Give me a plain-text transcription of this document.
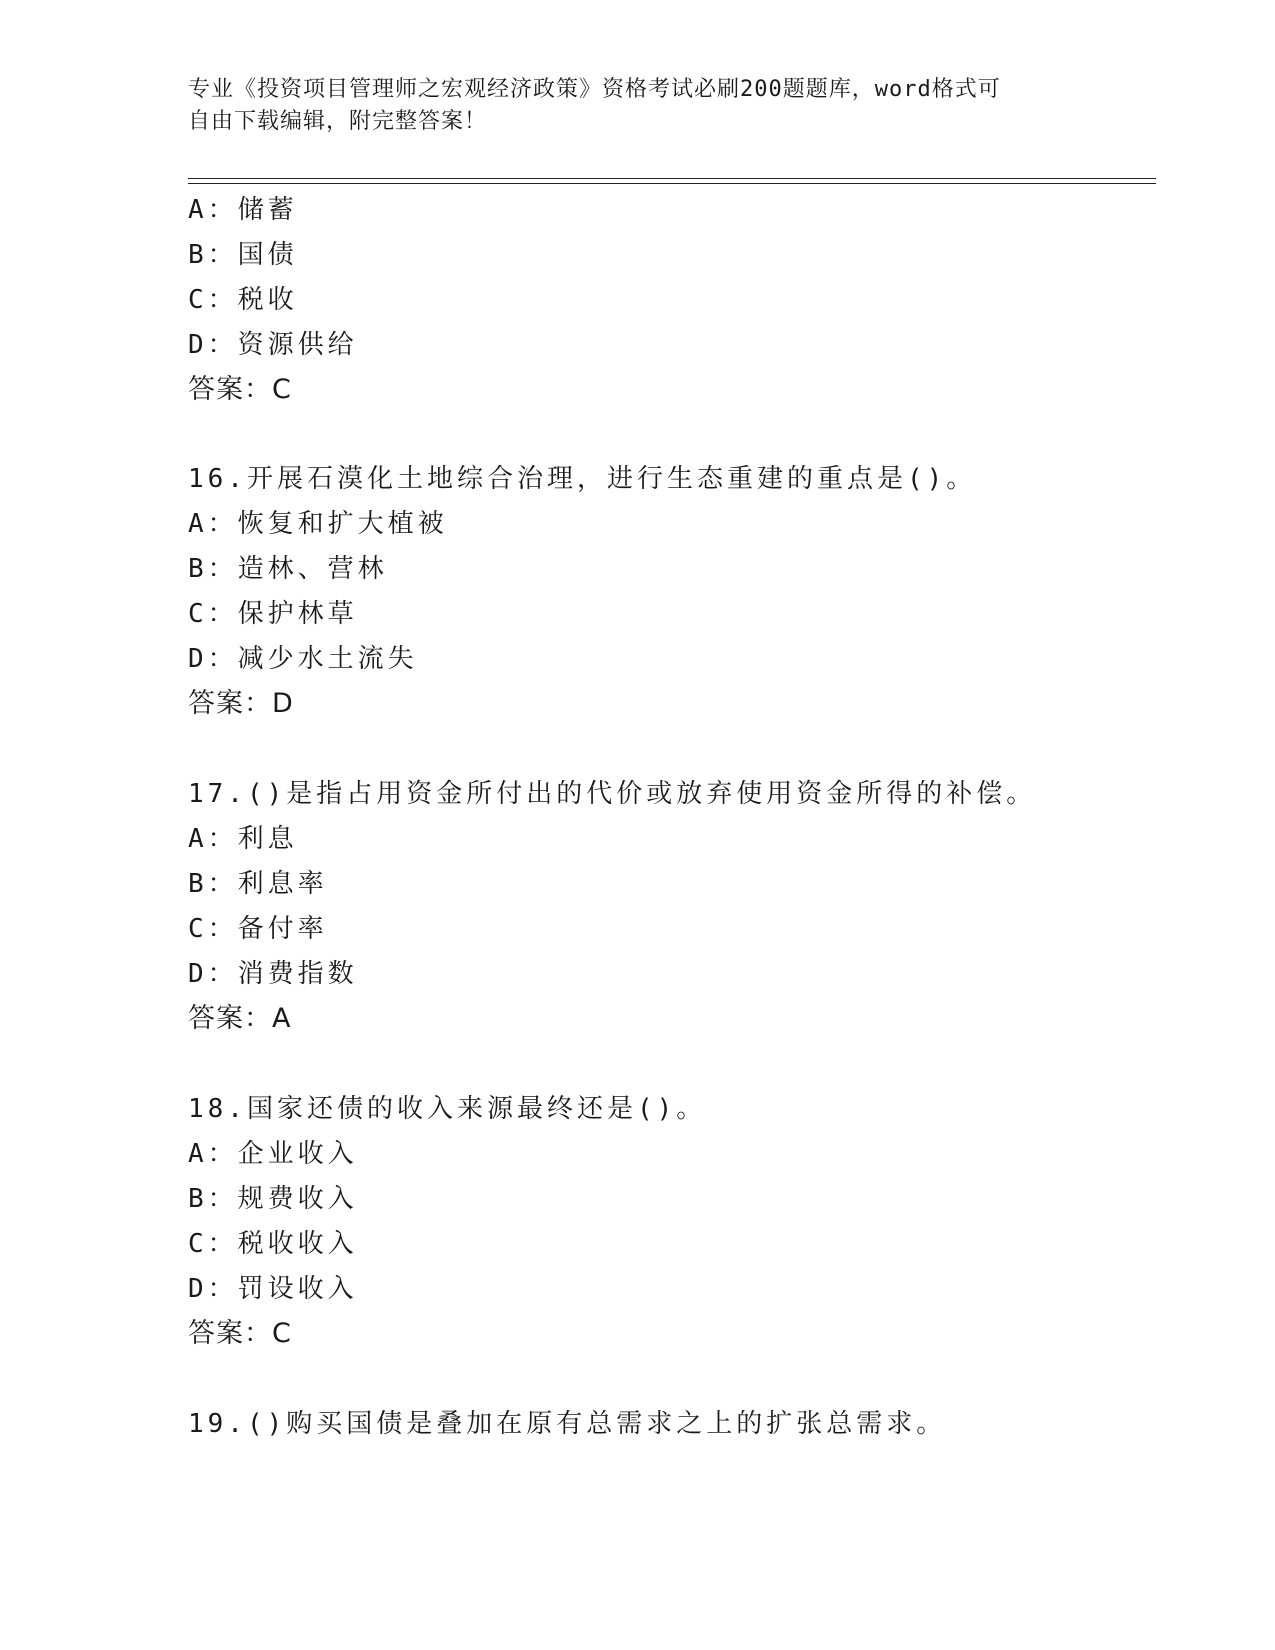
专业《投资项目管理师之宏观经济政策》资格考试必刷200题题库，word格式可
自由下载编辑，附完整答案！
A：储蓄
B：国债
C：税收
D：资源供给
答案：C
16.开展石漠化土地综合治理，进行生态重建的重点是()。
A：恢复和扩大植被
B：造林、营林
C：保护林草
D：减少水土流失
答案：D
17.()是指占用资金所付出的代价或放弃使用资金所得的补偿。
A：利息
B：利息率
C：备付率
D：消费指数
答案：A
18.国家还债的收入来源最终还是()。
A：企业收入
B：规费收入
C：税收收入
D：罚设收入
答案：C
19.()购买国债是叠加在原有总需求之上的扩张总需求。
